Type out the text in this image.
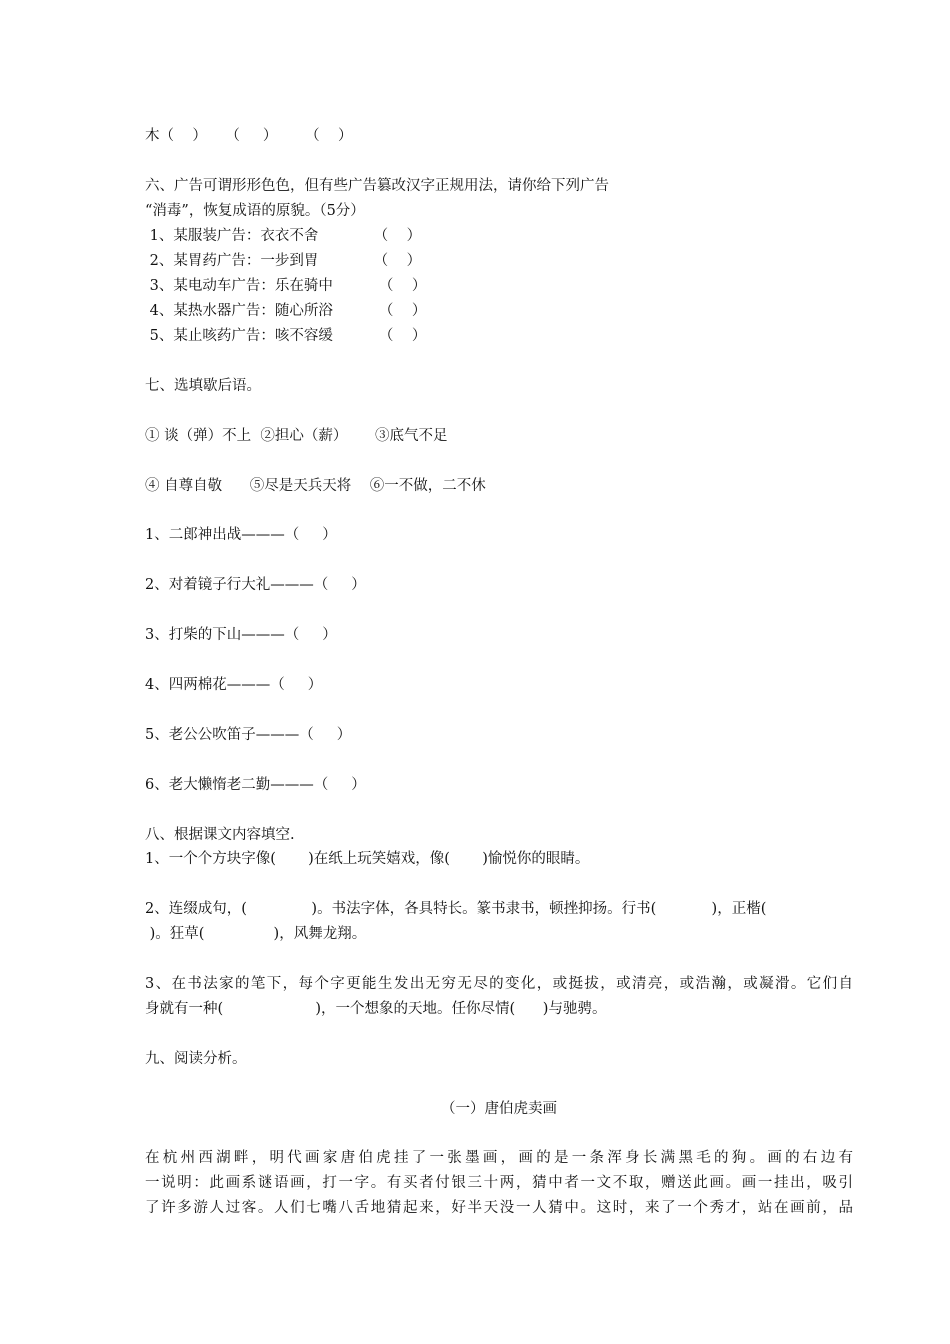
木（    ）    （     ）      （    ）
六、广告可谓形形色色，但有些广告篡改汉字正规用法，请你给下列广告
“消毒”，恢复成语的原貌。（5分）
1、某服装广告：衣衣不舍            （    ）
2、某胃药广告：一步到胃            （    ）
3、某电动车广告：乐在骑中          （    ）
4、某热水器广告：随心所浴          （    ）
5、某止咳药广告：咳不容缓          （    ）
七、选填歇后语。
① 谈（弹）不上  ②担心（薪）      ③底气不足
④ 自尊自敬      ⑤尽是天兵天将    ⑥一不做，二不休
1、二郎神出战———（     ）
2、对着镜子行大礼———（     ）
3、打柴的下山———（     ）
4、四两棉花———（     ）
5、老公公吹笛子———（     ）
6、老大懒惰老二勤———（     ）
八、根据课文内容填空.
1、一个个方块字像(       )在纸上玩笑嬉戏，像(       )愉悦你的眼睛。
2、连缀成句，(              )。书法字体，各具特长。篆书隶书，顿挫抑扬。行书(            )，正楷(
)。狂草(               )，风舞龙翔。
3、在书法家的笔下，每个字更能生发出无穷无尽的变化，或挺拔，或清亮，或浩瀚，或凝滑。它们自
身就有一种(                    )，一个想象的天地。任你尽情(      )与驰骋。
九、阅读分析。
（一）唐伯虎卖画
在杭州西湖畔，明代画家唐伯虎挂了一张墨画，画的是一条浑身长满黑毛的狗。画的右边有
一说明：此画系谜语画，打一字。有买者付银三十两，猜中者一文不取，赠送此画。画一挂出，吸引
了许多游人过客。人们七嘴八舌地猜起来，好半天没一人猜中。这时，来了一个秀才，站在画前，品
